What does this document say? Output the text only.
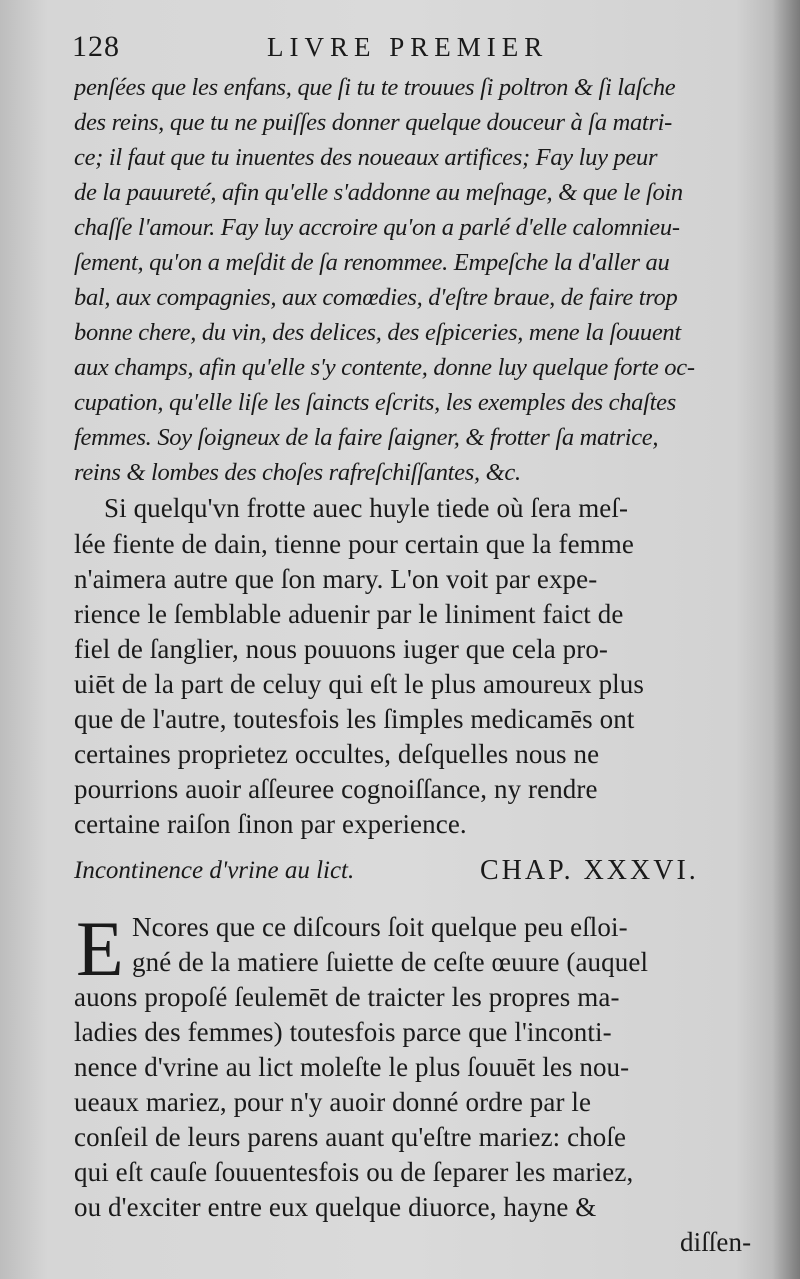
128	LIVRE PREMIER
penſées que les enfans, que ſi tu te trouues ſi poltron & ſi laſche
des reins, que tu ne puiſſes donner quelque douceur à ſa matri-
ce; il faut que tu inuentes des noueaux artifices; Fay luy peur
de la pauureté, afin qu'elle s'addonne au meſnage, & que le ſoin
chaſſe l'amour. Fay luy accroire qu'on a parlé d'elle calomnieu-
ſement, qu'on a meſdit de ſa renommee. Empeſche la d'aller au
bal, aux compagnies, aux comœdies, d'eſtre braue, de faire trop
bonne chere, du vin, des delices, des eſpiceries, mene la ſouuent
aux champs, afin qu'elle s'y contente, donne luy quelque forte oc-
cupation, qu'elle liſe les ſaincts eſcrits, les exemples des chaſtes
femmes. Soy ſoigneux de la faire ſaigner, & frotter ſa matrice,
reins & lombes des choſes rafreſchiſſantes, &c.
Si quelqu'vn frotte auec huyle tiede où ſera meſ-
lée fiente de dain, tienne pour certain que la femme
n'aimera autre que ſon mary. L'on voit par expe-
rience le ſemblable aduenir par le liniment faict de
fiel de ſanglier, nous pouuons iuger que cela pro-
uiēt de la part de celuy qui eſt le plus amoureux plus
que de l'autre, toutesfois les ſimples medicamēs ont
certaines proprietez occultes, deſquelles nous ne
pourrions auoir aſſeuree cognoiſſance, ny rendre
certaine raiſon ſinon par experience.
Incontinence d'vrine au lict.	CHAP. XXXVI.
E Ncores que ce diſcours ſoit quelque peu eſloi-
gné de la matiere ſuiette de ceſte œuure (auquel
auons propoſé ſeulemēt de traicter les propres ma-
ladies des femmes) toutesfois parce que l'inconti-
nence d'vrine au lict moleſte le plus ſouuēt les nou-
ueaux mariez, pour n'y auoir donné ordre par le
conſeil de leurs parens auant qu'eſtre mariez: choſe
qui eſt cauſe ſouuentesfois ou de ſeparer les mariez,
ou d'exciter entre eux quelque diuorce, hayne &
diſſen-
